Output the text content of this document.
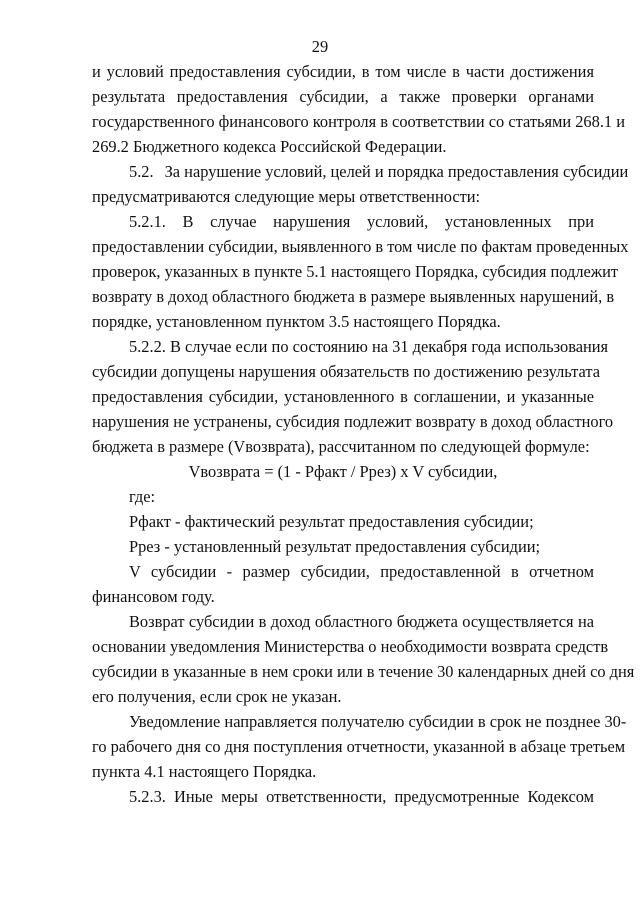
29
и условий предоставления субсидии, в том числе в части достижения
результата предоставления субсидии, а также проверки органами
государственного финансового контроля в соответствии со статьями 268.1 и
269.2 Бюджетного кодекса Российской Федерации.
5.2. За нарушение условий, целей и порядка предоставления субсидии
предусматриваются следующие меры ответственности:
5.2.1. В случае нарушения условий, установленных при
предоставлении субсидии, выявленного в том числе по фактам проведенных
проверок, указанных в пункте 5.1 настоящего Порядка, субсидия подлежит
возврату в доход областного бюджета в размере выявленных нарушений, в
порядке, установленном пунктом 3.5 настоящего Порядка.
5.2.2. В случае если по состоянию на 31 декабря года использования
субсидии допущены нарушения обязательств по достижению результата
предоставления субсидии, установленного в соглашении, и указанные
нарушения не устранены, субсидия подлежит возврату в доход областного
бюджета в размере (Vвозврата), рассчитанном по следующей формуле:
Vвозврата = (1 - Pфакт / Pрез) x V субсидии,
где:
Pфакт - фактический результат предоставления субсидии;
Pрез - установленный результат предоставления субсидии;
V субсидии - размер субсидии, предоставленной в отчетном
финансовом году.
Возврат субсидии в доход областного бюджета осуществляется на
основании уведомления Министерства о необходимости возврата средств
субсидии в указанные в нем сроки или в течение 30 календарных дней со дня
его получения, если срок не указан.
Уведомление направляется получателю субсидии в срок не позднее 30-
го рабочего дня со дня поступления отчетности, указанной в абзаце третьем
пункта 4.1 настоящего Порядка.
5.2.3. Иные меры ответственности, предусмотренные Кодексом
